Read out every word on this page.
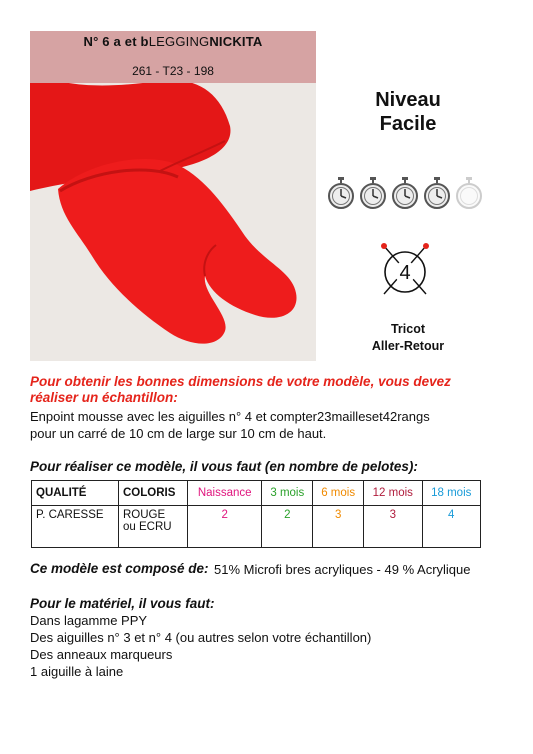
N° 6 a et bLEGGINGNICKITA
261 - T23 - 198
Niveau
Facile
4
Tricot
Aller-Retour
Pour obtenir les bonnes dimensions de votre modèle, vous devez
réaliser un échantillon:
Enpoint mousse avec les aiguilles n° 4 et compter23mailleset42rangs
pour un carré de 10 cm de large sur 10 cm de haut.
Pour réaliser ce modèle, il vous faut (en nombre de pelotes):
QUALITÉ	COLORIS	Naissance	3 mois	6 mois	12 mois	18 mois
P. CARESSE	ROUGE
ou ECRU	2	2	3	3	4
Ce modèle est composé de: 51% Microfi bres acryliques - 49 % Acrylique
Pour le matériel, il vous faut:
Dans lagamme PPY
Des aiguilles n° 3 et n° 4 (ou autres selon votre échantillon)
Des anneaux marqueurs
1 aiguille à laine
